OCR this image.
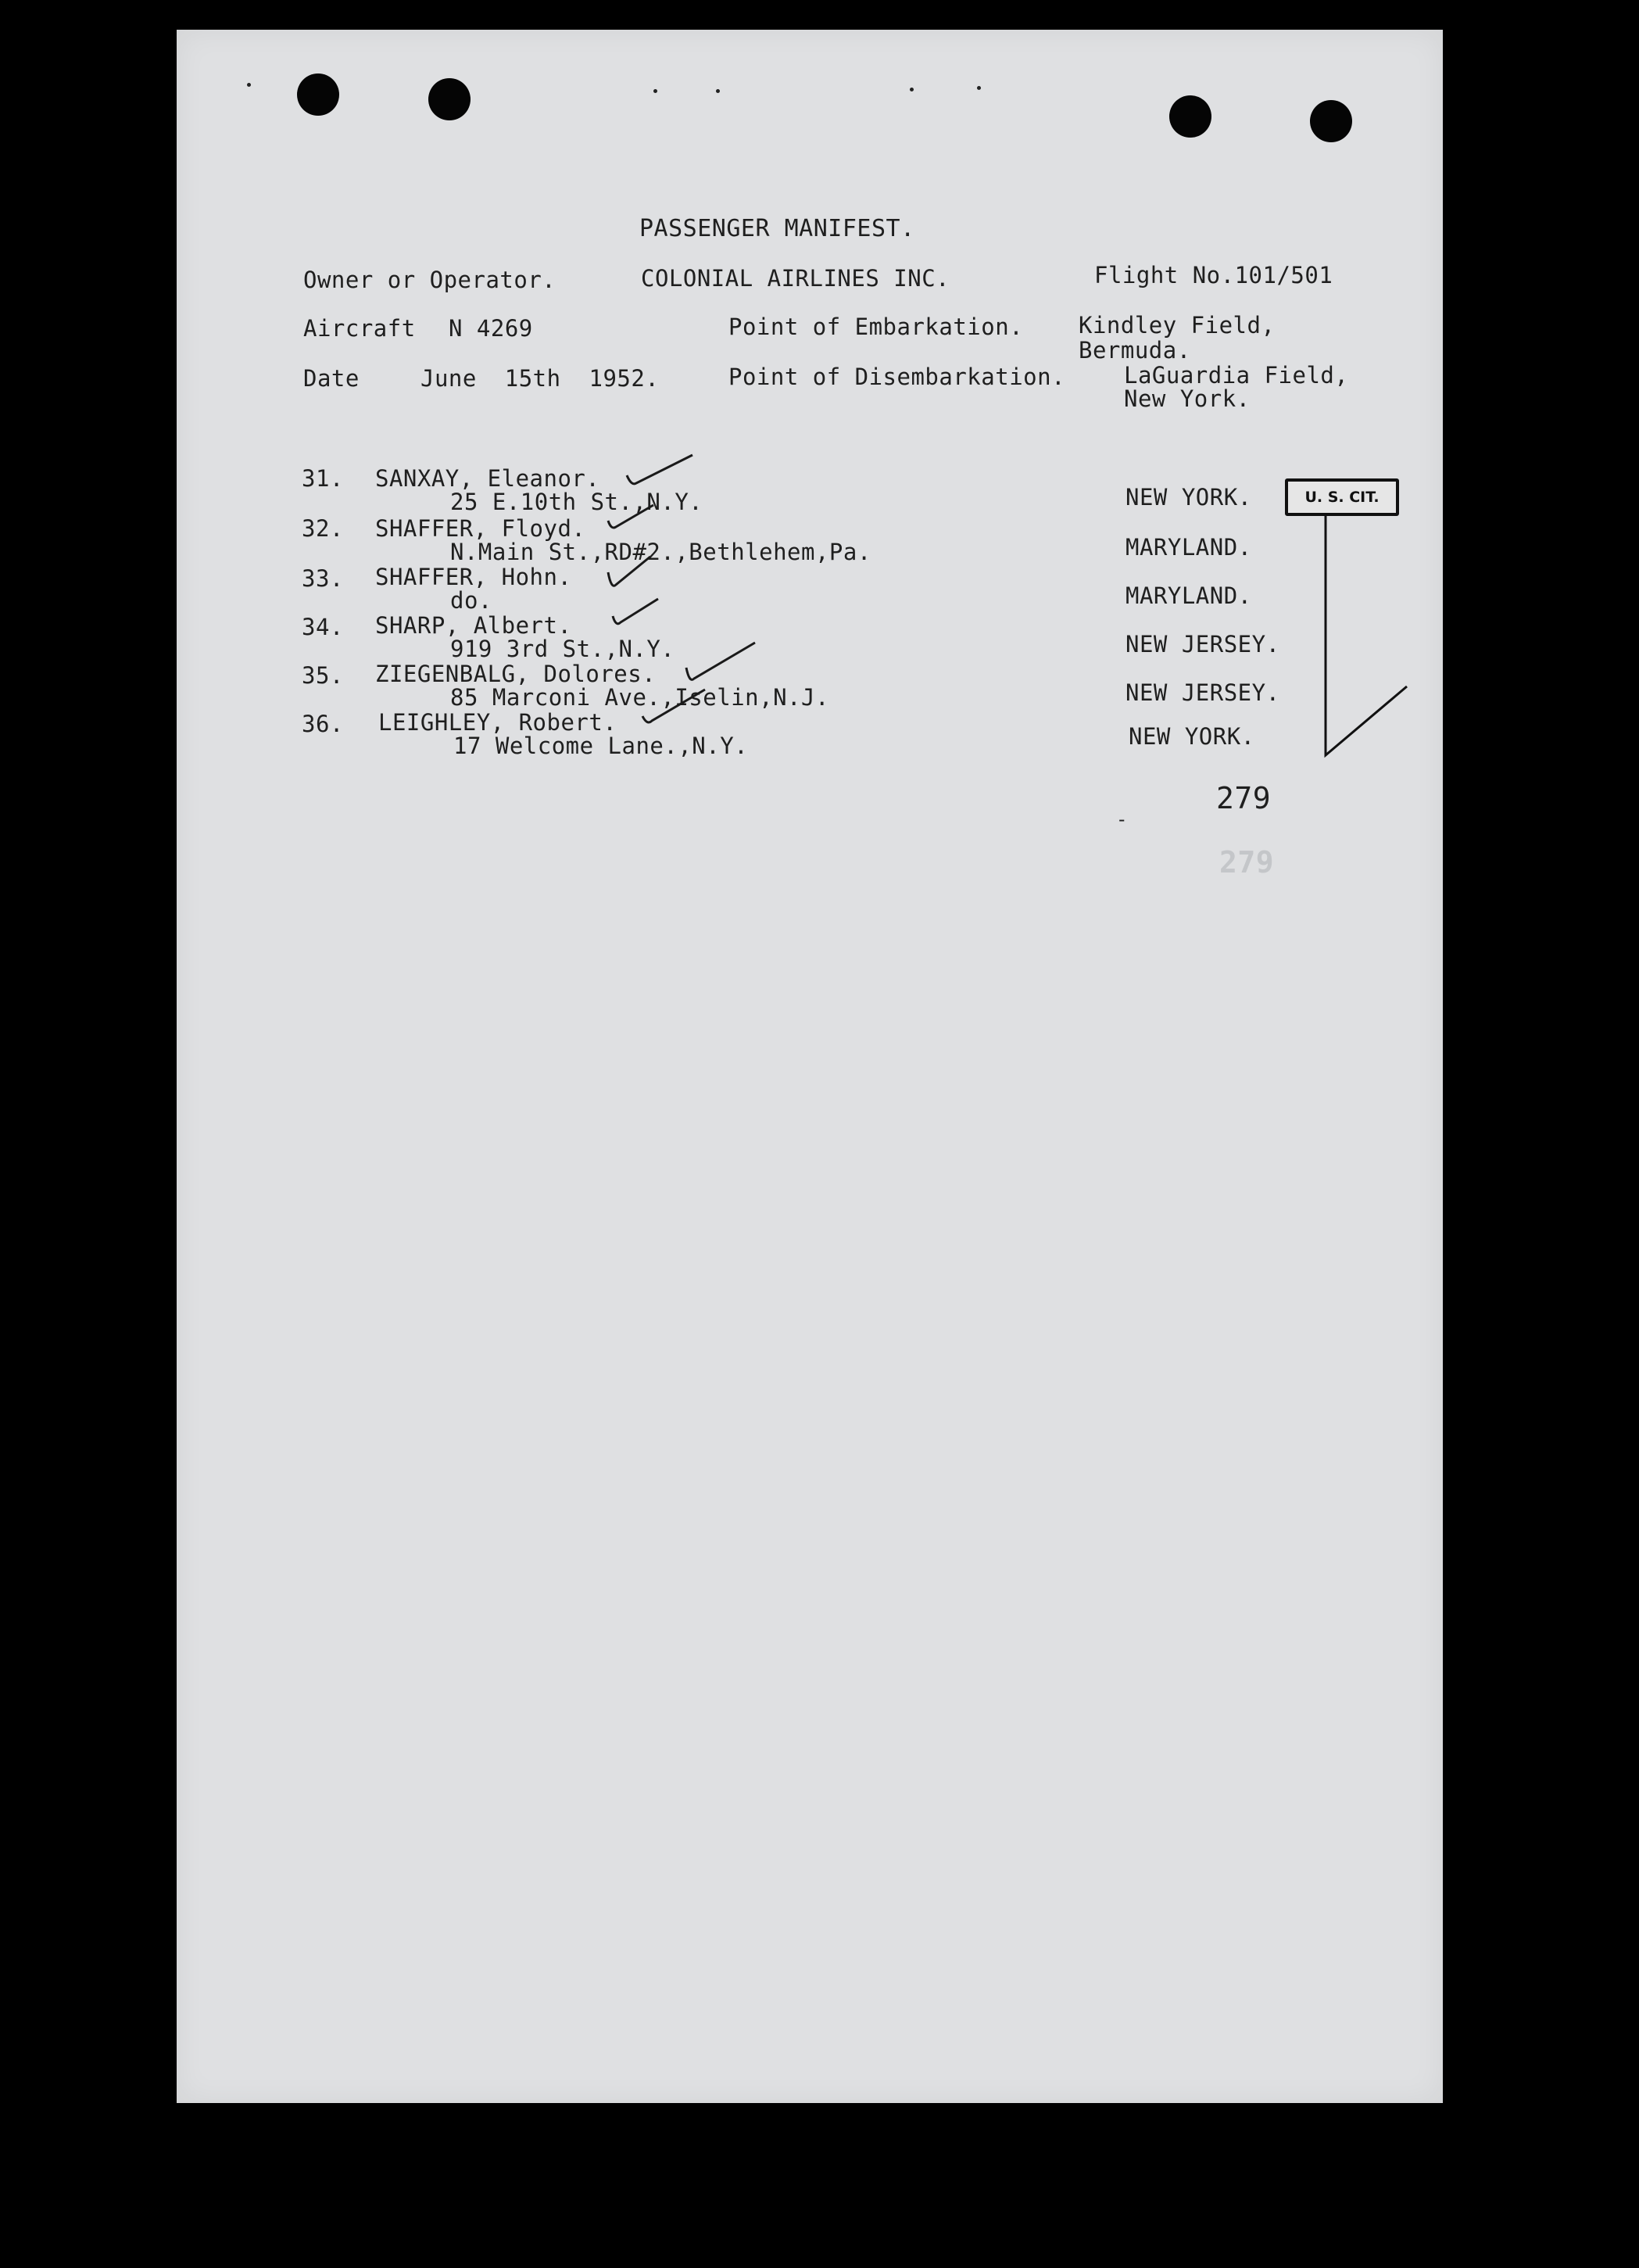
PASSENGER MANIFEST.
Owner or Operator.	COLONIAL AIRLINES INC.	Flight No.101/501
Aircraft N 4269	Point of Embarkation. Kindley Field,
Bermuda.
Date	June  15th  1952.	Point of Disembarkation.	LaGuardia Field,
New York.
31. SANXAY, Eleanor.
25 E.10th St.,N.Y.	NEW YORK.
32. SHAFFER, Floyd.
N.Main St.,RD#2.,Bethlehem,Pa.	MARYLAND.
33. SHAFFER, Hohn.
do.	MARYLAND.
34. SHARP, Albert.
919 3rd St.,N.Y.	NEW JERSEY.
35. ZIEGENBALG, Dolores.
85 Marconi Ave.,Iselin,N.J.	NEW JERSEY.
36. LEIGHLEY, Robert.
17 Welcome Lane.,N.Y.	NEW YORK.
U. S. CIT.
279
279
-
